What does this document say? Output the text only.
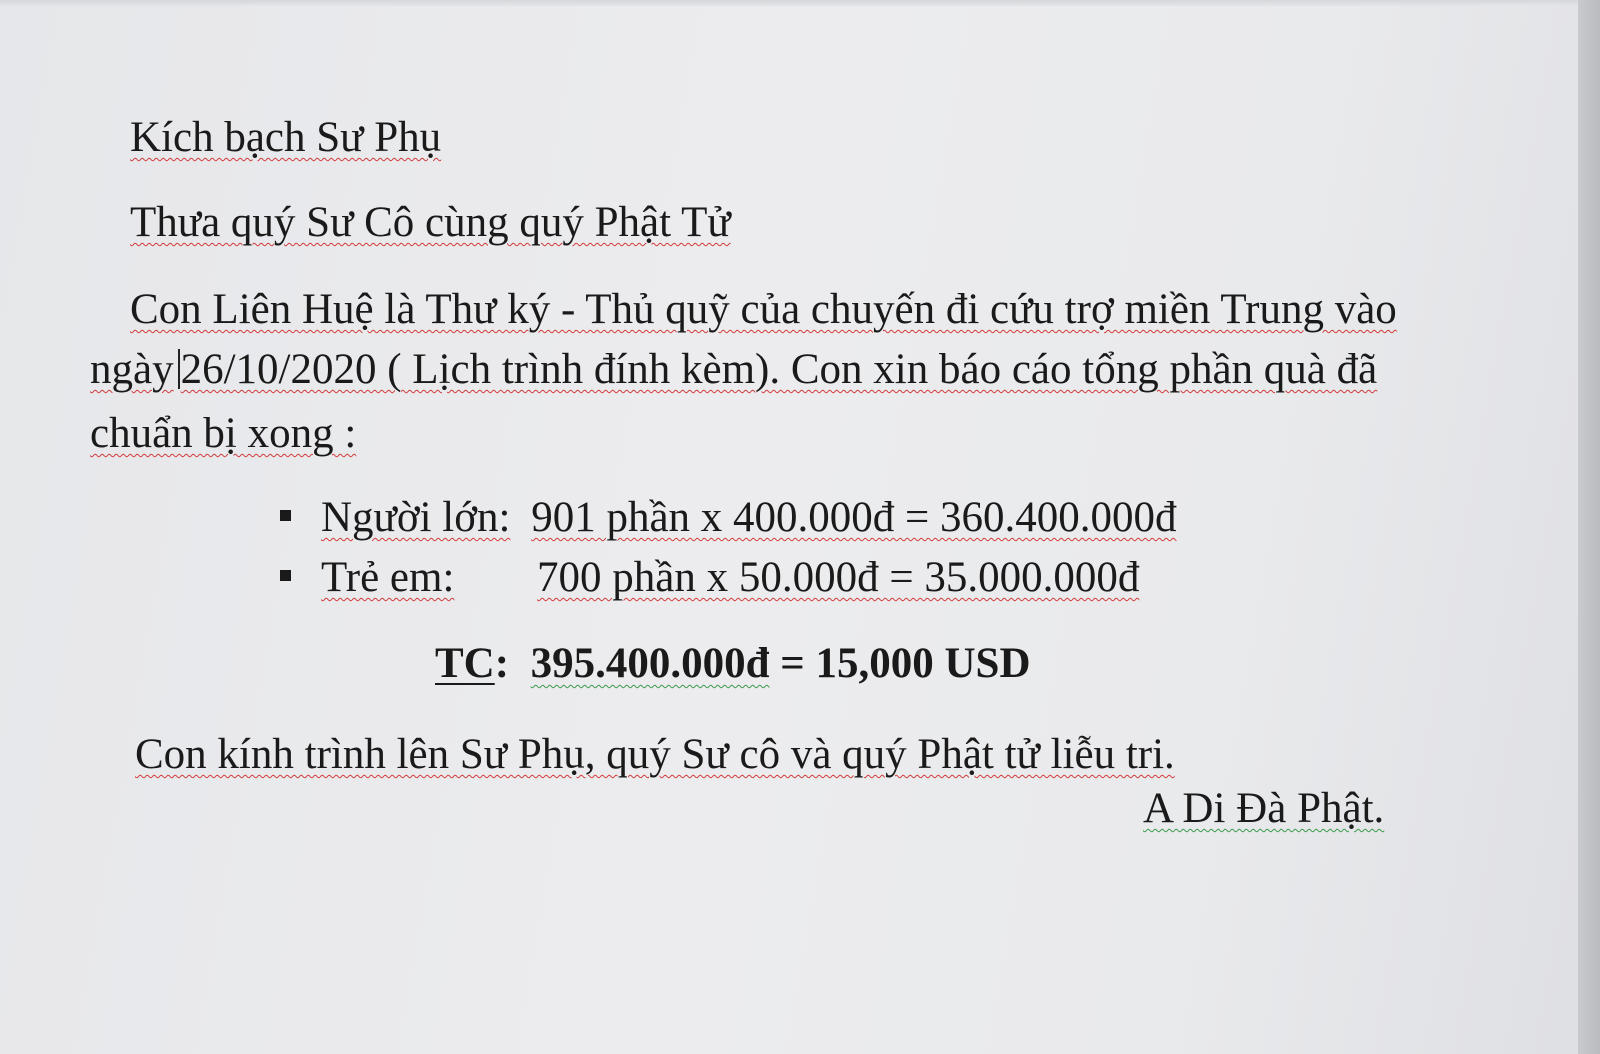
Kích bạch Sư Phụ
Thưa quý Sư Cô cùng quý Phật Tử
Con Liên Huệ là Thư ký - Thủ quỹ của chuyến đi cứu trợ miền Trung vào
ngày 26/10/2020 ( Lịch trình đính kèm). Con xin báo cáo tổng phần quà đã
chuẩn bị xong :
Người lớn: 901 phần x 400.000đ = 360.400.000đ
Trẻ em: 700 phần x 50.000đ = 35.000.000đ
TC: 395.400.000đ = 15,000 USD
Con kính trình lên Sư Phụ, quý Sư cô và quý Phật tử liễu tri.
A Di Đà Phật.
